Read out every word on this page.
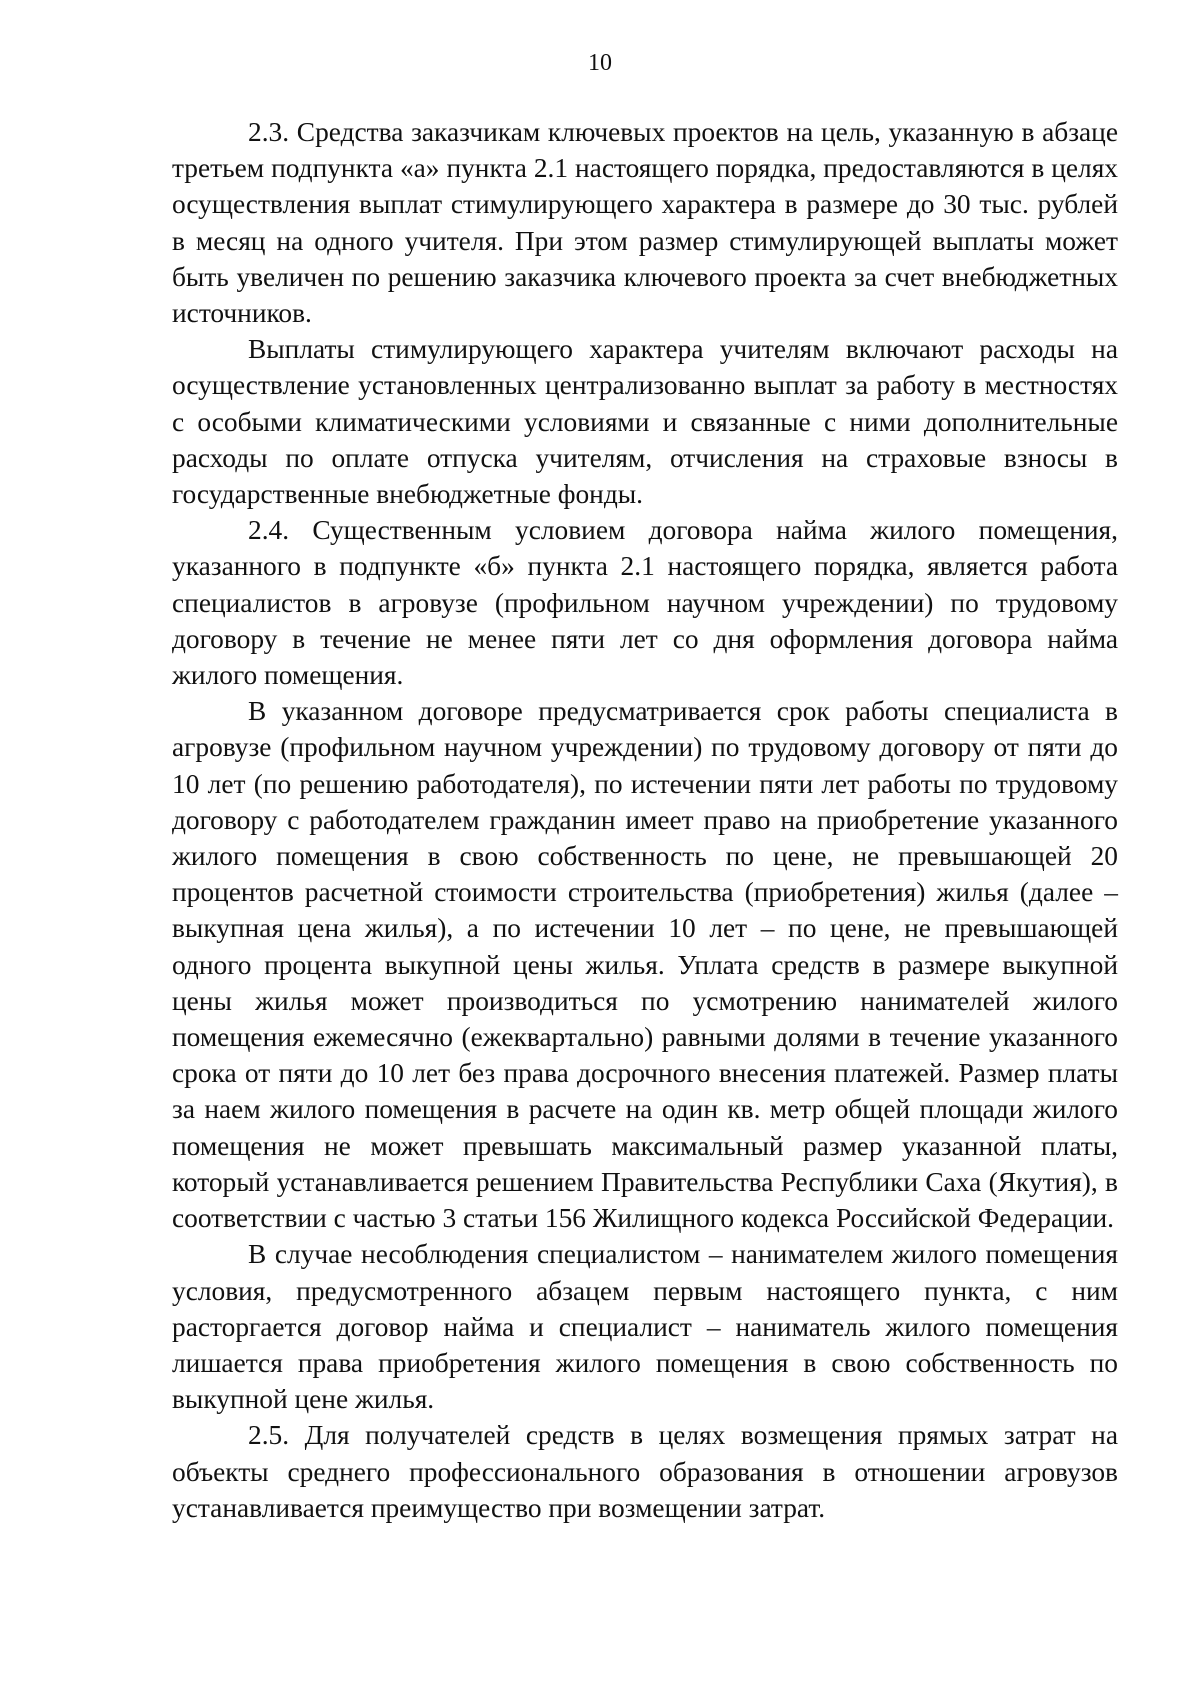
10

2.3. Средства заказчикам ключевых проектов на цель, указанную в абзаце третьем подпункта «а» пункта 2.1 настоящего порядка, предоставляются в целях осуществления выплат стимулирующего характера в размере до 30 тыс. рублей в месяц на одного учителя. При этом размер стимулирующей выплаты может быть увеличен по решению заказчика ключевого проекта за счет внебюджетных источников.

Выплаты стимулирующего характера учителям включают расходы на осуществление установленных централизованно выплат за работу в местностях с особыми климатическими условиями и связанные с ними дополнительные расходы по оплате отпуска учителям, отчисления на страховые взносы в государственные внебюджетные фонды.

2.4. Существенным условием договора найма жилого помещения, указанного в подпункте «б» пункта 2.1 настоящего порядка, является работа специалистов в агровузе (профильном научном учреждении) по трудовому договору в течение не менее пяти лет со дня оформления договора найма жилого помещения.

В указанном договоре предусматривается срок работы специалиста в агровузе (профильном научном учреждении) по трудовому договору от пяти до 10 лет (по решению работодателя), по истечении пяти лет работы по трудовому договору с работодателем гражданин имеет право на приобретение указанного жилого помещения в свою собственность по цене, не превышающей 20 процентов расчетной стоимости строительства (приобретения) жилья (далее – выкупная цена жилья), а по истечении 10 лет – по цене, не превышающей одного процента выкупной цены жилья. Уплата средств в размере выкупной цены жилья может производиться по усмотрению нанимателей жилого помещения ежемесячно (ежеквартально) равными долями в течение указанного срока от пяти до 10 лет без права досрочного внесения платежей. Размер платы за наем жилого помещения в расчете на один кв. метр общей площади жилого помещения не может превышать максимальный размер указанной платы, который устанавливается решением Правительства Республики Саха (Якутия), в соответствии с частью 3 статьи 156 Жилищного кодекса Российской Федерации.

В случае несоблюдения специалистом – нанимателем жилого помещения условия, предусмотренного абзацем первым настоящего пункта, с ним расторгается договор найма и специалист – наниматель жилого помещения лишается права приобретения жилого помещения в свою собственность по выкупной цене жилья.

2.5. Для получателей средств в целях возмещения прямых затрат на объекты среднего профессионального образования в отношении агровузов устанавливается преимущество при возмещении затрат.
